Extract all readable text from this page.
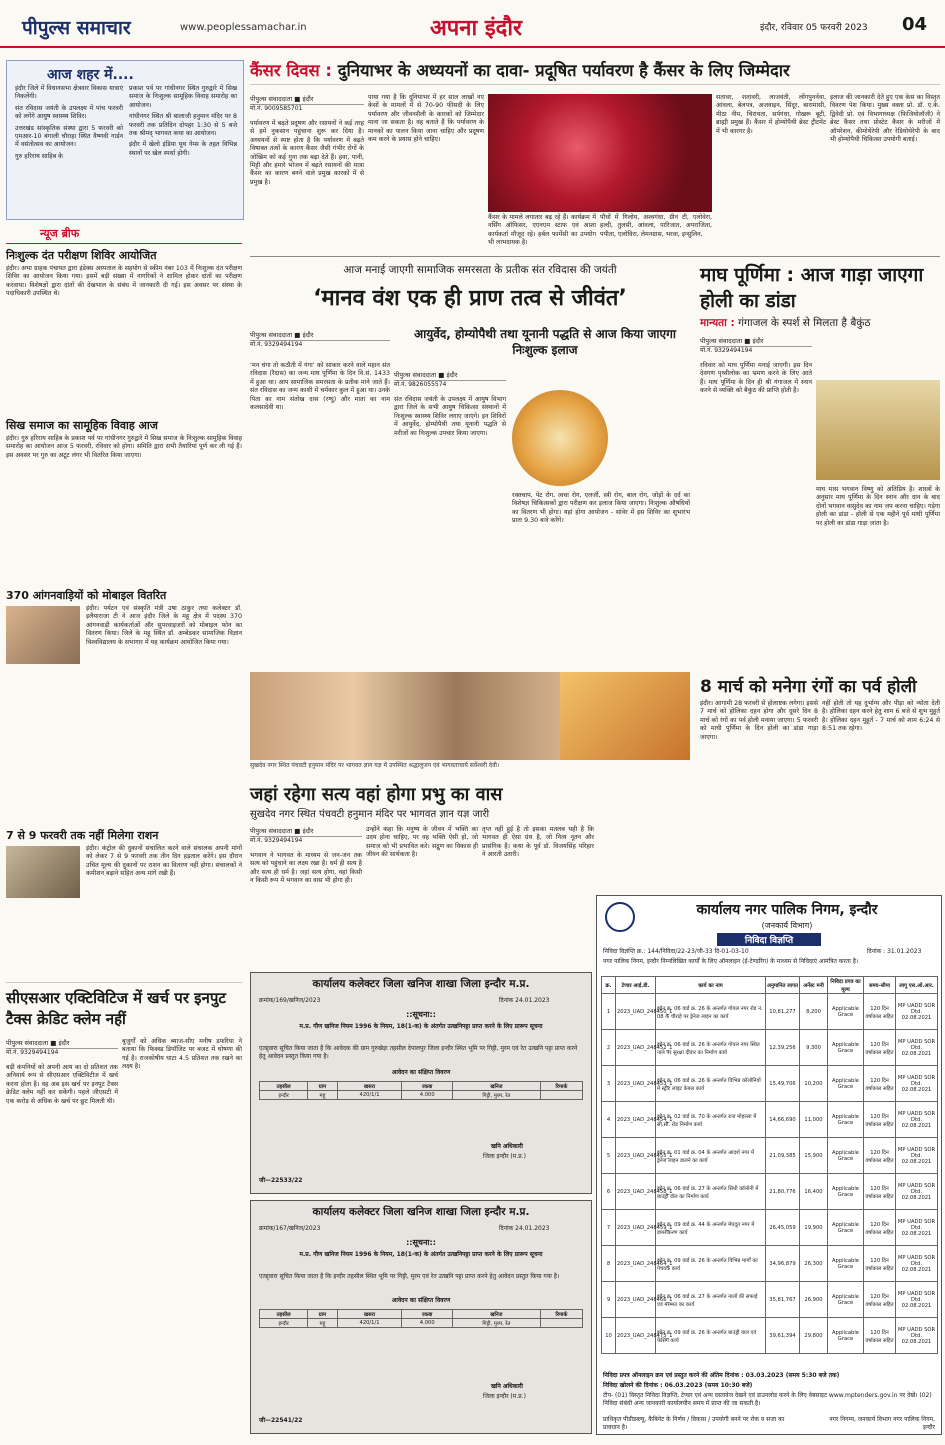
पीपुल्स समाचार	www.peoplessamachar.in	अपना इंदौर	इंदौर, रविवार 05 फरवरी 2023 04
आज शहर में....
इंदौर जिले में विधानसभा क्षेत्रवार विकास यात्राएं निकलेंगी।
संत रविदास जयंती के उपलक्ष्य में पांच फरवरी को लगेंगे आयुष स्वास्थ्य शिविर।
उत्तरखंड सांस्कृतिक संस्था द्वारा 5 फरवरी को एमआर-10 बंगाली चौराहा स्थित वैष्णवी गार्डन में वसंतोत्सव का आयोजन।
गुरु हरिराय साहिब के
प्रकाश पर्व पर गांधीनगर स्थित गुरुद्वारे में सिख समाज के निःशुल्क सामूहिक विवाह समारोह का आयोजन।
गांधीनगर स्थित श्री बालाजी हनुमान मंदिर पर 8 फरवरी तक प्रतिदिन दोपहर 1:30 से 5 बजे तक श्रीमद् भागवत कथा का आयोजन।
इंदौर में खेलो इंडिया यूथ गेम्स के तहत विभिन्न स्थानों पर खेल स्पर्धा होगी।
न्यूज ब्रीफ
निःशुल्क दंत परीक्षण शिविर आयोजित
इंदौर। अभा ग्राहक पंचायत द्वारा इंडेक्स अस्पताल के सहयोग से स्कीम नंबर 103 में निःशुल्क दंत परीक्षण शिविर का आयोजन किया गया। इसमें बड़ी संख्या में नागरिकों ने शामिल होकर दांतों का परीक्षण करवाया। विशेषज्ञों द्वारा दांतों की देखभाल के संबंध में जानकारी दी गई। इस अवसर पर संस्था के पदाधिकारी उपस्थित थे।
सिख समाज का सामूहिक विवाह आज
इंदौर। गुरु हरिराय साहिब के प्रकाश पर्व पर गांधीनगर गुरुद्वारे में सिख समाज के निःशुल्क सामूहिक विवाह समारोह का आयोजन आज 5 फरवरी, रविवार को होगा। समिति द्वारा सभी तैयारियां पूर्ण कर ली गई हैं। इस अवसर पर गुरु का अटूट लंगर भी वितरित किया जाएगा।
370 आंगनवाड़ियों को मोबाइल वितरित
इंदौर। पर्यटन एवं संस्कृति मंत्री उषा ठाकुर तथा कलेक्टर डॉ. इलैयाराजा टी ने आज इंदौर जिले के महू क्षेत्र में पदस्थ 370 आंगनवाड़ी कार्यकर्ताओं और सुपरवाइजरों को मोबाइल फोन का वितरण किया। जिले के महू स्थित डॉ. अम्बेडकर सामाजिक विज्ञान विश्वविद्यालय के सभागार में यह कार्यक्रम आयोजित किया गया।
7 से 9 फरवरी तक नहीं मिलेगा राशन
इंदौर। कंट्रोल की दुकानों संचालित करने वाले संचालक अपनी मांगों को लेकर 7 से 9 फरवरी तक तीन दिन हड़ताल करेंगे। इस दौरान उचित मूल्य की दुकानों पर राशन का वितरण नहीं होगा। संचालकों ने कमीशन बढ़ाने सहित अन्य मांगें रखी हैं।
कैंसर दिवस : दुनियाभर के अध्ययनों का दावा- प्रदूषित पर्यावरण है कैंसर के लिए जिम्मेदार
पीपुल्स संवाददाता ■ इंदौर
मो.नं. 9009585701
पर्यावरण में बढ़ते प्रदूषण और रसायनों ने कई तरह से हमें नुकसान पहुंचाना शुरू कर दिया है। अध्ययनों से स्पष्ट होता है कि पर्यावरण में बढ़ते विषाक्त तत्वों के कारण कैंसर जैसी गंभीर रोगों के जोखिम को कई गुना तक बढ़ा देते हैं। हवा, पानी, मिट्टी और हमारे भोजन में बढ़ते रसायनों की मात्रा कैंसर का कारण बनने वाले प्रमुख कारकों में से प्रमुख है।
पाया गया है कि दुनियाभर में हर साल लाखों नए केसों के मामलों में से 70-90 फीसदी के लिए पर्यावरण और जीवनशैली के कारकों को जिम्मेदार माना जा सकता है। वह बताते हैं कि पर्यावरण के मानकों का पालन किया जाना चाहिए और प्रदूषण कम करने के प्रयास होने चाहिए।
कैंसर के मामले लगातार बढ़ रहे हैं। कार्यक्रम में नर्सिंग ऑफिसर, एएनएम स्टाफ एवं आशा कार्यकर्ता मौजूद रहे। हर्बल फार्मेसी का उपयोग भी लाभदायक है।
पौधों में गिलोय, अश्वगंधा, ग्रीन टी, एलोवेरा, हल्दी, तुलसी, आंवला, पारिजात, अपराजिता, पपीता, एलोविरा, लेमनग्रास, भरवा, इन्सुलिन,
सतावर, शतावरी, लाजवंती, लोंगपुनर्नवा, आंवला, बेलपत्र, अजवाइन, सिंदूर, बारामासी, मीठा नीम, चिरायता, सर्पगंधा, गोखरू बूटी, ब्राह्मी प्रमुख हैं। कैंसर में होम्योपैथी ब्रेस्ट ट्रीटमेंट में भी कारगर है।
इलाज की जानकारी देते हुए एक केस का विस्तृत विवरण पेश किया। मुख्य वक्ता प्रो. डॉ. ए.के. द्विवेदी प्रो. एवं विभागाध्यक्ष (फिजियोलॉजी) ने ब्रेस्ट कैंसर तथा प्रोस्टेट कैंसर के मरीजों में ऑपरेशन, कीमोथेरेपी और रेडियोथेरेपी के बाद भी होम्योपैथी चिकित्सा उपयोगी बताई।
आज मनाई जाएगी सामाजिक समरसता के प्रतीक संत रविदास की जयंती
‘मानव वंश एक ही प्राण तत्व से जीवंत’
पीपुल्स संवाददाता ■ इंदौर
मो.नं. 9329494194
आयुर्वेद, होम्योपैथी तथा यूनानी पद्धति से आज किया जाएगा निःशुल्क इलाज
‘मन चंगा तो कठौती में गंगा’ को साकार करने वाले महान संत रविदास (रैदास) का जन्म माघ पूर्णिमा के दिन वि.सं. 1433 में हुआ था। आप सामाजिक समरसता के प्रतीक माने जाते हैं। संत रविदास का जन्म काशी में चर्मकार कुल में हुआ था। उनके पिता का नाम संतोख दास (रग्घु) और माता का नाम कलसादेवी था।
पीपुल्स संवाददाता ■ इंदौर
मो.नं. 9826055574
संत रविदास जयंती के उपलक्ष्य में आयुष विभाग द्वारा जिले के सभी आयुष चिकित्सा संस्थानों में निःशुल्क स्वास्थ्य शिविर लगाए जाएंगे। इन शिविरों में आयुर्वेद, होम्योपैथी तथा यूनानी पद्धति से मरीजों का निःशुल्क उपचार किया जाएगा।
रक्तचाप, पेट रोग, त्वचा रोग, एलर्जी, स्त्री रोग, बाल रोग, जोड़ों के दर्द का विशेषज्ञ चिकित्सकों द्वारा परीक्षण कर इलाज किया जाएगा। निःशुल्क औषधियों का वितरण भी होगा। यहां होगा आयोजन - सांवेर में इस शिविर का शुभारंभ प्रातः 9.30 बजे करेंगे।
सुखदेव नगर स्थित पंचवटी हनुमान मंदिर पर भागवत ज्ञान यज्ञ में उपस्थित श्रद्धालुजन एवं भागवताचार्य सर्वेश्वरी देवी।
माघ पूर्णिमा : आज गाड़ा जाएगा होली का डांडा
मान्यता : गंगाजल के स्पर्श से मिलता है बैकुंठ
पीपुल्स संवाददाता ■ इंदौर
मो.नं. 9329494194
रविवार को माघ पूर्णिमा मनाई जाएगी। इस दिन देवगण पृथ्वीलोक का भ्रमण करने के लिए आते हैं। माघ पूर्णिमा के दिन ही श्री गंगाजल में स्नान करने से व्यक्ति को बैकुंठ की प्राप्ति होती है।
माघ मास भगवान विष्णु को अतिप्रिय है। शास्त्रों के अनुसार माघ पूर्णिमा के दिन स्नान और दान के बाद दोनों भगवान वासुदेव का नाम जप करना चाहिए। गड़ेगा होली का डांडा - होली से एक महीने पूर्व माघी पूर्णिमा पर होली का डांडा गाड़ा जाता है।
8 मार्च को मनेगा रंगों का पर्व होली
इंदौर। आगामी 28 फरवरी से होलाष्टक लगेगा। इससे 7 मार्च को होलिका दहन होगा और दूसरे दिन 8 मार्च को रंगों का पर्व होली मनाया जाएगा। 5 फरवरी को माघी पूर्णिमा के दिन होली का डांडा गाड़ा जाएगा।
नहीं होती तो यह दुर्भाग्य और पीड़ा को न्योता देती है। होलिका दहन करने हेतु शाम 6 बजे से शुभ मुहूर्त है। होलिका दहन मुहूर्त - 7 मार्च को शाम 6:24 से 8:51 तक रहेगा।
जहां रहेगा सत्य वहां होगा प्रभु का वास
सुखदेव नगर स्थित पंचवटी हनुमान मंदिर पर भागवत ज्ञान यज्ञ जारी
पीपुल्स संवाददाता ■ इंदौर
मो.नं. 9329494194
भगवान ने भागवत के माध्यम से जन-जन तक सत्य को पहुंचाने का लक्ष्य रखा है। धर्म ही सत्य है और सत्य ही धर्म है। जहां सत्य होगा, वहां किसी न किसी रूप में भगवान का वास भी होगा ही।
उन्होंने कहा कि मनुष्य के जीवन में भक्ति का उदय होना चाहिए, पर वह भक्ति ऐसी हो, जो समाज को भी प्रभावित करे। सद्गुण का विकास ही जीवन की सार्थकता है।
तृप्त नहीं हुई है तो इसका मतलब यही है कि भागवत ही ऐसा ग्रंथ है, जो नित्य नूतन और प्रासंगिक है। कथा के पूर्व डॉ. विजयसिंह परिहार ने आरती उतारी।
सीएसआर एक्टिविटिज में खर्च पर इनपुट टैक्स क्रेडिट क्लेम नहीं
पीपुल्स संवाददाता ■ इंदौर
मो.नं. 9329494194
बड़ी कंपनियों को अपनी आय का दो प्रतिशत तक अनिवार्य रूप से सीएसआर एक्टिविटीज में खर्च करना होता है। वह अब इस खर्च पर इनपुट टैक्स क्रेडिट क्लेम नहीं कर सकेंगी। पहले जीएसटी में एक करोड़ से अधिक के खर्च पर छूट मिलती थी।
बुजुर्गों को अधिक ब्याज-सीए मनीष डफरिया ने बताया कि फिक्स्ड डिपॉजिट पर बजट में घोषणा की गई है। राजकोषीय घाटा 4.5 प्रतिशत तक रखने का लक्ष्य है।
कार्यालय कलेक्टर जिला खनिज शाखा जिला इन्दौर म.प्र.
क्रमांक/169/खनिज/2023	दिनांक 24.01.2023
::सूचना::
म.प्र. गौण खनिज नियम 1996 के नियम, 18(1-क) के अंतर्गत उत्खनिपट्टा प्राप्त करने के लिए प्रारूप सूचना
एतद्द्वारा सूचित किया जाता है कि आवेदक की ग्राम गुरुखेड़ा तहसील देपालपुर जिला इन्दौर स्थित भूमि पर गिट्टी, मुरम एवं रेत उत्खनि पट्टा प्राप्त करने हेतु आवेदन प्रस्तुत किया गया है।
आवेदन का संक्षिप्त विवरण
तहसील	ग्राम	खसरा	रकबा	खनिज	रिमार्क
इन्दौर	महू	420/1/1	4.000	गिट्टी, मुरम, रेत	
खनि अधिकारी
जिला इन्दौर (म.प्र.)
जी—22533/22
कार्यालय कलेक्टर जिला खनिज शाखा जिला इन्दौर म.प्र.
क्रमांक/167/खनिज/2023	दिनांक 24.01.2023
::सूचना::
म.प्र. गौण खनिज नियम 1996 के नियम, 18(1-क) के अंतर्गत उत्खनिपट्टा प्राप्त करने के लिए प्रारूप सूचना
एतद्द्वारा सूचित किया जाता है कि इन्दौर तहसील स्थित भूमि पर गिट्टी, मुरम एवं रेत उत्खनि पट्टा प्राप्त करने हेतु आवेदन प्रस्तुत किया गया है।
आवेदन का संक्षिप्त विवरण
तहसील	ग्राम	खसरा	रकबा	खनिज	रिमार्क
इन्दौर	महू	420/1/1	4.000	गिट्टी, मुरम, रेत	
खनि अधिकारी
जिला इन्दौर (म.प्र.)
जी—22541/22
कार्यालय नगर पालिक निगम, इन्दौर
(जनकार्य विभाग)
निविदा विज्ञप्ति
निविदा विज्ञप्ति क्र.: 144/निविदा/22-23/जी-33 दि-01-03-10	दिनांक : 31.01.2023
नगर पालिक निगम, इन्दौर निम्नलिखित कार्यों के लिए ऑनलाइन (ई-टेण्डरिंग) के माध्यम से निविदाएं आमंत्रित करता है।
क्र.	टेण्डर आई.डी.	कार्य का नाम	अनुमानित लागत	अर्नेस्ट मनी	निविदा प्रपत्र का मूल्य	समय-सीमा	लागू एस.ओ.आर.
1	2023_UAD_248450_1	झोन क्र. 06 वार्ड क्र. 26 के अन्तर्गत गोयल नगर रोड नं. 08 के चौराहे पर ड्रेनेज लाइन का कार्य	10,81,277	8,200	Applicable Grace	120 दिन वर्षाकाल सहित	MP UADD SOR Dtd. 02.08.2021
2	2023_UAD_248452_1	झोन क्र. 06 वार्ड क्र. 26 के अन्तर्गत गोयल नगर स्थित नाले पर सुरक्षा दीवार का निर्माण कार्य	12,39,256	9,300	Applicable Grace	120 दिन वर्षाकाल सहित	MP UADD SOR Dtd. 02.08.2021
3	2023_UAD_248453_1	झोन क्र. 06 वार्ड क्र. 26 के अन्तर्गत विभिन्न कॉलोनियों में स्ट्रीट लाइट केबल कार्य	15,49,706	10,200	Applicable Grace	120 दिन वर्षाकाल सहित	MP UADD SOR Dtd. 02.08.2021
4	2023_UAD_248454_1	झोन क्र. 02 वार्ड क्र. 70 के अन्तर्गत राज मोहल्ला में सी.सी. रोड निर्माण कार्य	14,66,690	11,000	Applicable Grace	120 दिन वर्षाकाल सहित	MP UADD SOR Dtd. 02.08.2021
5	2023_UAD_248455_1	झोन क्र. 01 वार्ड क्र. 04 के अन्तर्गत आदर्श नगर में ड्रेनेज लाइन डालने का कार्य	21,09,385	15,900	Applicable Grace	120 दिन वर्षाकाल सहित	MP UADD SOR Dtd. 02.08.2021
6	2023_UAD_248458_1	झोन क्र. 06 वार्ड क्र. 27 के अन्तर्गत सिंधी कॉलोनी में बाउंड्री वॉल का निर्माण कार्य	21,80,776	16,400	Applicable Grace	120 दिन वर्षाकाल सहित	MP UADD SOR Dtd. 02.08.2021
7	2023_UAD_248459_1	झोन क्र. 09 वार्ड क्र. 44 के अन्तर्गत मेघदूत नगर में डामरीकरण कार्य	26,45,059	19,900	Applicable Grace	120 दिन वर्षाकाल सहित	MP UADD SOR Dtd. 02.08.2021
8	2023_UAD_248464_1	झोन क्र. 09 वार्ड क्र. 26 के अन्तर्गत विभिन्न मार्गों का पेचवर्क कार्य	34,96,879	26,300	Applicable Grace	120 दिन वर्षाकाल सहित	MP UADD SOR Dtd. 02.08.2021
9	2023_UAD_248466_1	झोन क्र. 06 वार्ड क्र. 27 के अन्तर्गत नालों की सफाई एवं मरम्मत का कार्य	35,81,767	26,900	Applicable Grace	120 दिन वर्षाकाल सहित	MP UADD SOR Dtd. 02.08.2021
10	2023_UAD_248475_1	झोन क्र. 09 वार्ड क्र. 26 के अन्तर्गत बाउंड्री वाल एवं फेंसिंग कार्य	39,61,394	29,800	Applicable Grace	120 दिन वर्षाकाल सहित	MP UADD SOR Dtd. 02.08.2021
निविदा प्रपत्र ऑनलाइन क्रय एवं प्रस्तुत करने की अंतिम दिनांक : 03.03.2023 (समय 5:30 बजे तक)
निविदा खोलने की दिनांक : 06.03.2023 (समय 10:30 बजे)
टीप- (01) विस्तृत निविदा विज्ञप्ति, टेण्डर एवं अन्य दस्तावेज देखने एवं डाउनलोड करने के लिए वेबसाइट www.mptenders.gov.in पर देखें। (02) निविदा संबंधी अन्य जानकारी कार्यालयीन समय में प्राप्त की जा सकती है।
प्राधिकृत पीडीडब्ल्यू, कैबिनेट के निर्णय / विकास / उपयोगी बनने पर रोक व सजा का प्रावधान है।
नगर निगम्य, जनकार्य विभाग नगर पालिक निगम, इन्दौर
